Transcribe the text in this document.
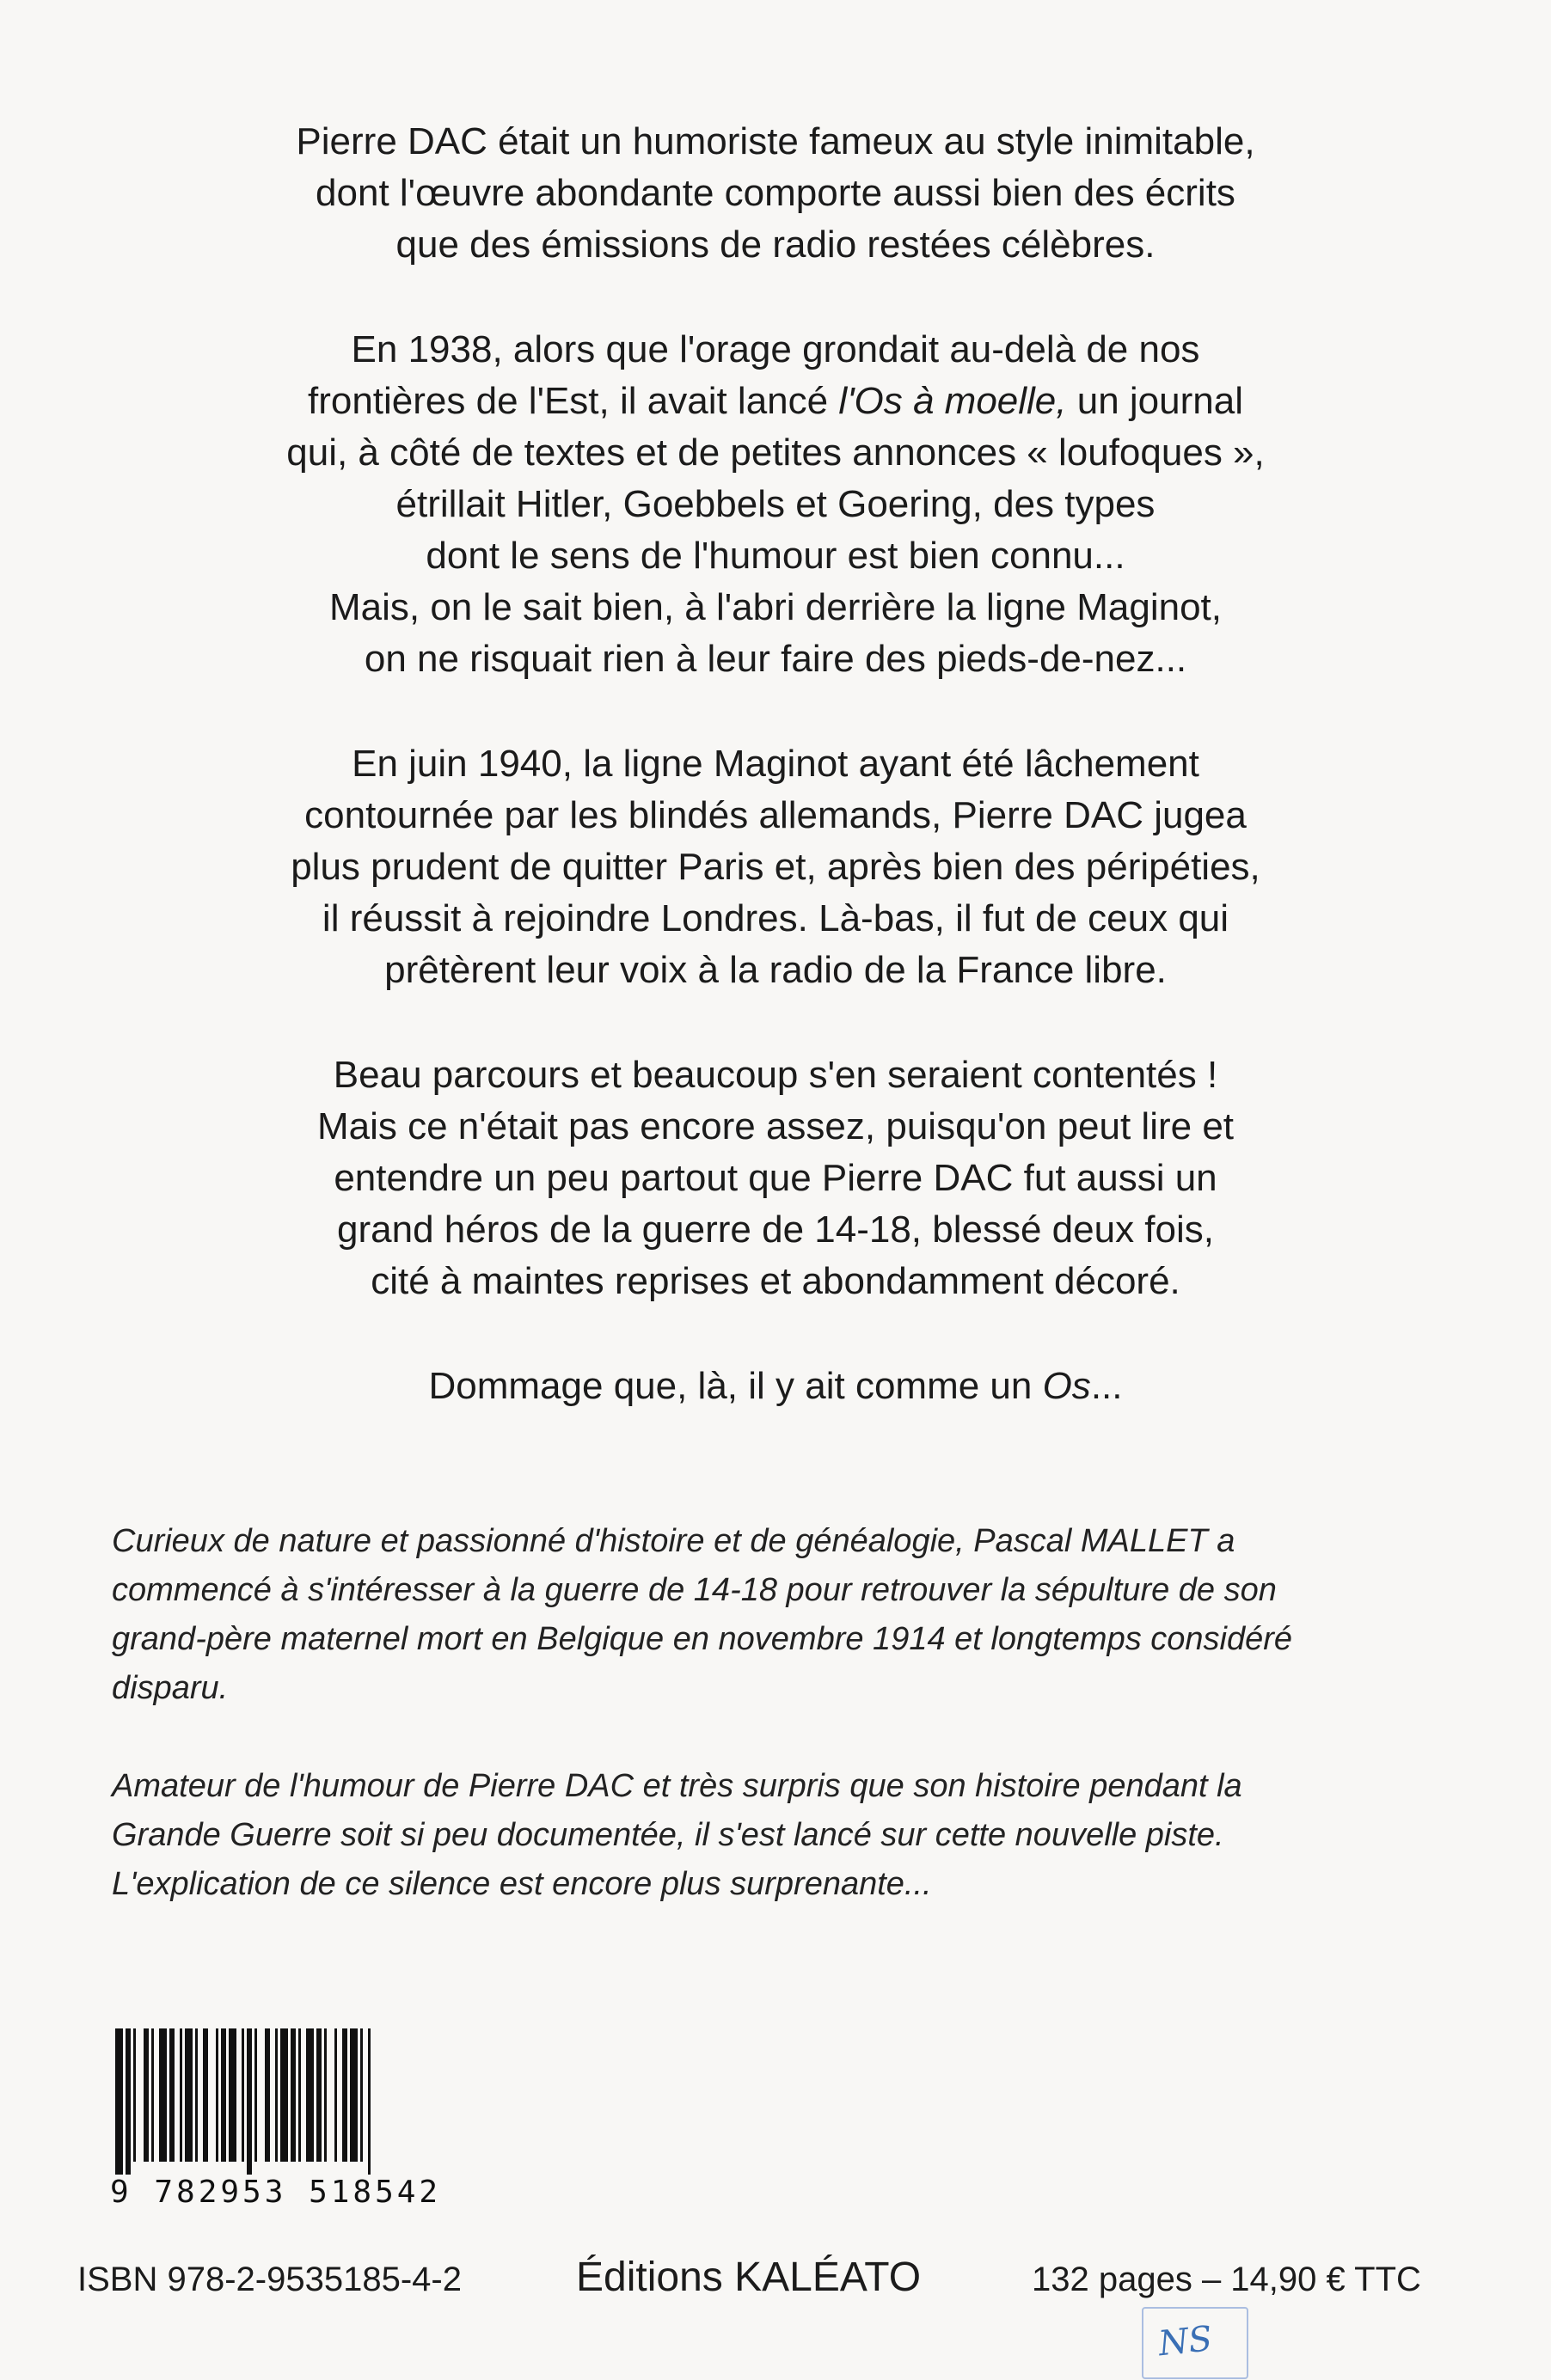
Pierre DAC était un humoriste fameux au style inimitable,
dont l'œuvre abondante comporte aussi bien des écrits
que des émissions de radio restées célèbres.

En 1938, alors que l'orage grondait au-delà de nos
frontières de l'Est, il avait lancé l'Os à moelle, un journal
qui, à côté de textes et de petites annonces « loufoques »,
étrillait Hitler, Goebbels et Goering, des types
dont le sens de l'humour est bien connu...
Mais, on le sait bien, à l'abri derrière la ligne Maginot,
on ne risquait rien à leur faire des pieds-de-nez...

En juin 1940, la ligne Maginot ayant été lâchement
contournée par les blindés allemands, Pierre DAC jugea
plus prudent de quitter Paris et, après bien des péripéties,
il réussit à rejoindre Londres. Là-bas, il fut de ceux qui
prêtèrent leur voix à la radio de la France libre.

Beau parcours et beaucoup s'en seraient contentés !
Mais ce n'était pas encore assez, puisqu'on peut lire et
entendre un peu partout que Pierre DAC fut aussi un
grand héros de la guerre de 14-18, blessé deux fois,
cité à maintes reprises et abondamment décoré.

Dommage que, là, il y ait comme un Os...

Curieux de nature et passionné d'histoire et de généalogie, Pascal MALLET a
commencé à s'intéresser à la guerre de 14-18 pour retrouver la sépulture de son
grand-père maternel mort en Belgique en novembre 1914 et longtemps considéré
disparu.

Amateur de l'humour de Pierre DAC et très surpris que son histoire pendant la
Grande Guerre soit si peu documentée, il s'est lancé sur cette nouvelle piste.
L'explication de ce silence est encore plus surprenante...

9 782953 518542
ISBN 978-2-9535185-4-2	Éditions KALÉATO	132 pages – 14,90 € TTC
NS
